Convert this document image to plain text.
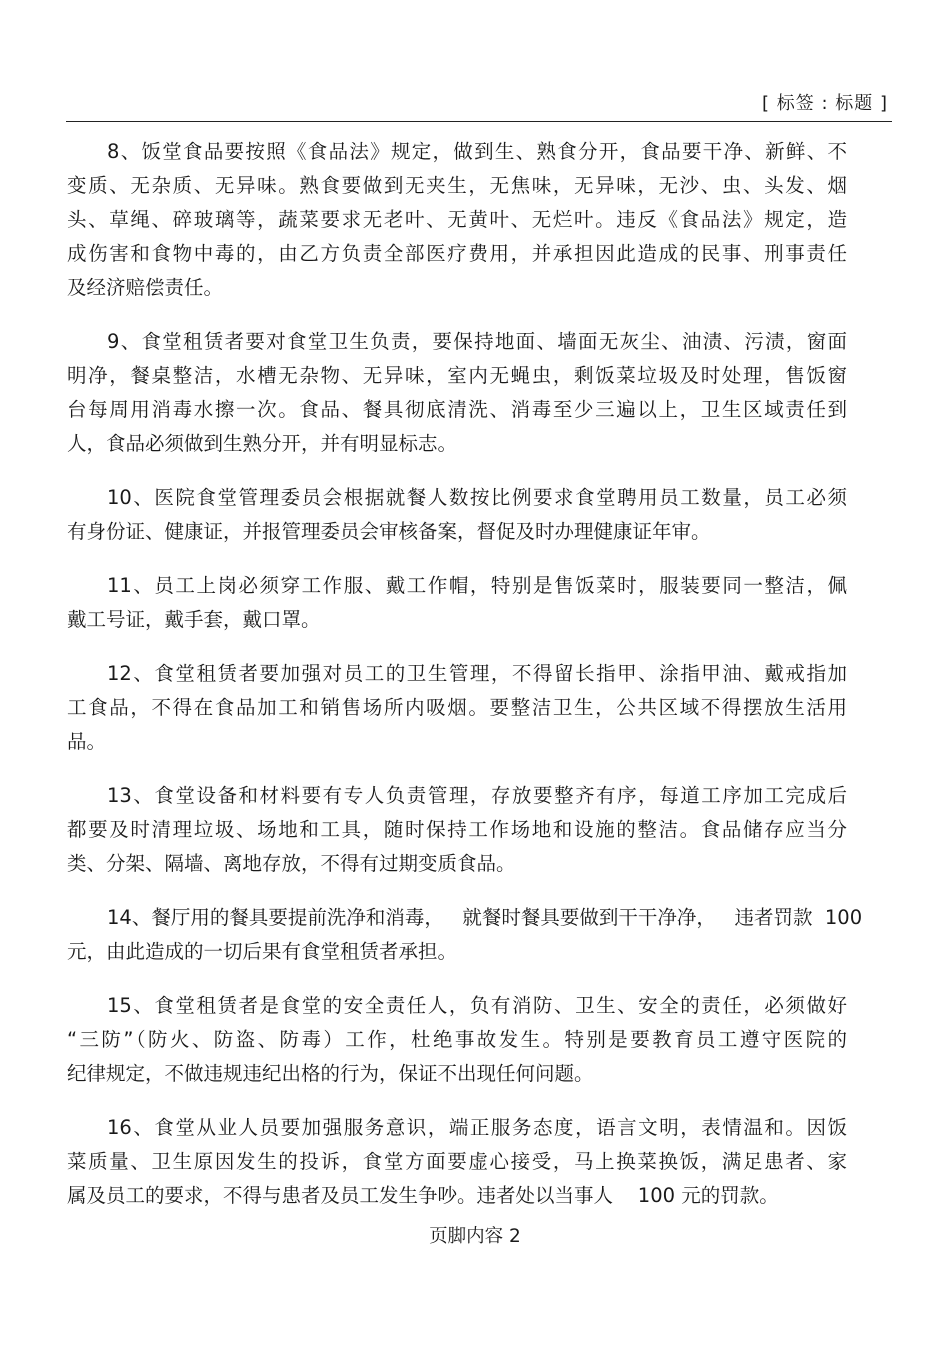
[ 标签 : 标题 ]

8、饭堂食品要按照《食品法》规定，做到生、熟食分开，食品要干净、新鲜、不
变质、无杂质、无异味。熟食要做到无夹生，无焦味，无异味，无沙、虫、头发、烟
头、草绳、碎玻璃等，蔬菜要求无老叶、无黄叶、无烂叶。违反《食品法》规定，造
成伤害和食物中毒的，由乙方负责全部医疗费用，并承担因此造成的民事、刑事责任
及经济赔偿责任。

9、食堂租赁者要对食堂卫生负责，要保持地面、墙面无灰尘、油渍、污渍，窗面
明净，餐桌整洁，水槽无杂物、无异味，室内无蝇虫，剩饭菜垃圾及时处理，售饭窗
台每周用消毒水擦一次。食品、餐具彻底清洗、消毒至少三遍以上，卫生区域责任到
人，食品必须做到生熟分开，并有明显标志。

10、医院食堂管理委员会根据就餐人数按比例要求食堂聘用员工数量，员工必须
有身份证、健康证，并报管理委员会审核备案，督促及时办理健康证年审。

11、员工上岗必须穿工作服、戴工作帽，特别是售饭菜时，服装要同一整洁，佩
戴工号证，戴手套，戴口罩。

12、食堂租赁者要加强对员工的卫生管理，不得留长指甲、涂指甲油、戴戒指加
工食品，不得在食品加工和销售场所内吸烟。要整洁卫生，公共区域不得摆放生活用
品。

13、食堂设备和材料要有专人负责管理，存放要整齐有序，每道工序加工完成后
都要及时清理垃圾、场地和工具，随时保持工作场地和设施的整洁。食品储存应当分
类、分架、隔墙、离地存放，不得有过期变质食品。

14、餐厅用的餐具要提前洗净和消毒，   就餐时餐具要做到干干净净，   违者罚款  100
元，由此造成的一切后果有食堂租赁者承担。

15、食堂租赁者是食堂的安全责任人，负有消防、卫生、安全的责任，必须做好
“三防”（防火、防盗、防毒）工作，杜绝事故发生。特别是要教育员工遵守医院的
纪律规定，不做违规违纪出格的行为，保证不出现任何问题。

16、食堂从业人员要加强服务意识，端正服务态度，语言文明，表情温和。因饭
菜质量、卫生原因发生的投诉，食堂方面要虚心接受，马上换菜换饭，满足患者、家
属及员工的要求，不得与患者及员工发生争吵。违者处以当事人    100 元的罚款。

页脚内容 2
